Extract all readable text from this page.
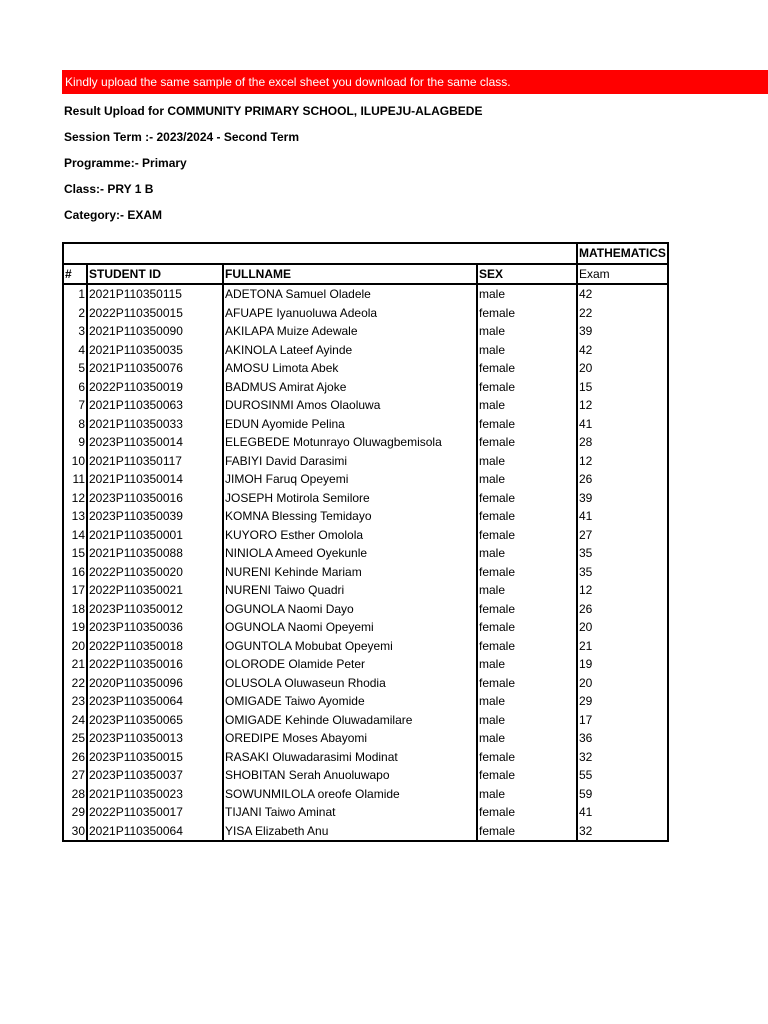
Kindly upload the same sample of the excel sheet you download for the same class.
Result Upload for COMMUNITY PRIMARY SCHOOL, ILUPEJU-ALAGBEDE
Session Term :- 2023/2024 - Second Term
Programme:- Primary
Class:- PRY 1 B
Category:- EXAM
				MATHEMATICS
#	STUDENT ID	FULLNAME	SEX	Exam
1	2021P110350115	ADETONA Samuel Oladele	male	42
2	2022P110350015	AFUAPE Iyanuoluwa Adeola	female	22
3	2021P110350090	AKILAPA Muize Adewale	male	39
4	2021P110350035	AKINOLA Lateef Ayinde	male	42
5	2021P110350076	AMOSU Limota Abek	female	20
6	2022P110350019	BADMUS Amirat Ajoke	female	15
7	2021P110350063	DUROSINMI Amos Olaoluwa	male	12
8	2021P110350033	EDUN Ayomide Pelina	female	41
9	2023P110350014	ELEGBEDE Motunrayo Oluwagbemisola	female	28
10	2021P110350117	FABIYI David Darasimi	male	12
11	2021P110350014	JIMOH Faruq Opeyemi	male	26
12	2023P110350016	JOSEPH Motirola Semilore	female	39
13	2023P110350039	KOMNA Blessing Temidayo	female	41
14	2021P110350001	KUYORO Esther Omolola	female	27
15	2021P110350088	NINIOLA Ameed Oyekunle	male	35
16	2022P110350020	NURENI Kehinde Mariam	female	35
17	2022P110350021	NURENI Taiwo Quadri	male	12
18	2023P110350012	OGUNOLA Naomi Dayo	female	26
19	2023P110350036	OGUNOLA Naomi Opeyemi	female	20
20	2022P110350018	OGUNTOLA Mobubat Opeyemi	female	21
21	2022P110350016	OLORODE Olamide Peter	male	19
22	2020P110350096	OLUSOLA Oluwaseun Rhodia	female	20
23	2023P110350064	OMIGADE Taiwo Ayomide	male	29
24	2023P110350065	OMIGADE Kehinde Oluwadamilare	male	17
25	2023P110350013	OREDIPE Moses Abayomi	male	36
26	2023P110350015	RASAKI Oluwadarasimi Modinat	female	32
27	2023P110350037	SHOBITAN Serah Anuoluwapo	female	55
28	2021P110350023	SOWUNMILOLA oreofe Olamide	male	59
29	2022P110350017	TIJANI Taiwo Aminat	female	41
30	2021P110350064	YISA Elizabeth Anu	female	32
